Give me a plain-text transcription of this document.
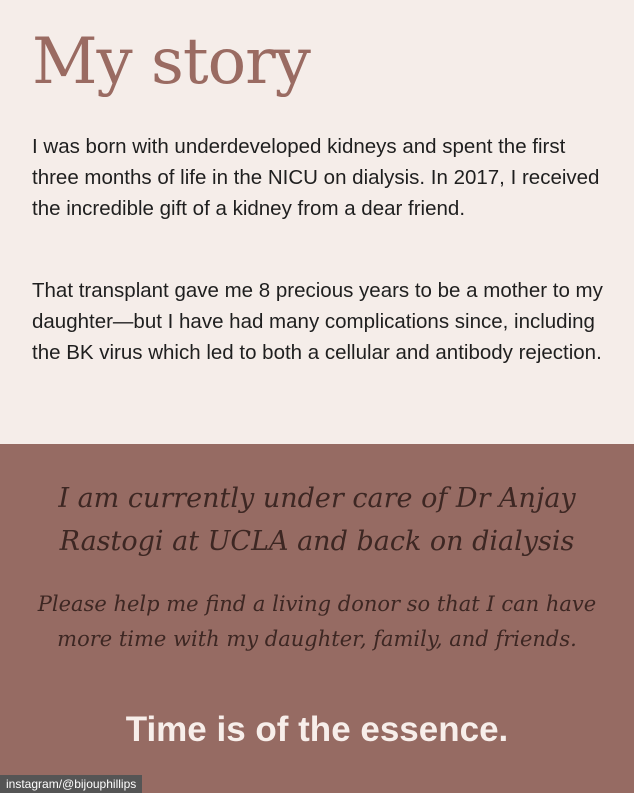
My story

I was born with underdeveloped kidneys and spent the first three months of life in the NICU on dialysis. In 2017, I received the incredible gift of a kidney from a dear friend.

That transplant gave me 8 precious years to be a mother to my daughter—but I have had many complications since, including the BK virus which led to both a cellular and antibody rejection.

I am currently under care of Dr Anjay Rastogi at UCLA and back on dialysis

Please help me find a living donor so that I can have more time with my daughter, family, and friends.

Time is of the essence.

instagram/@bijouphillips
